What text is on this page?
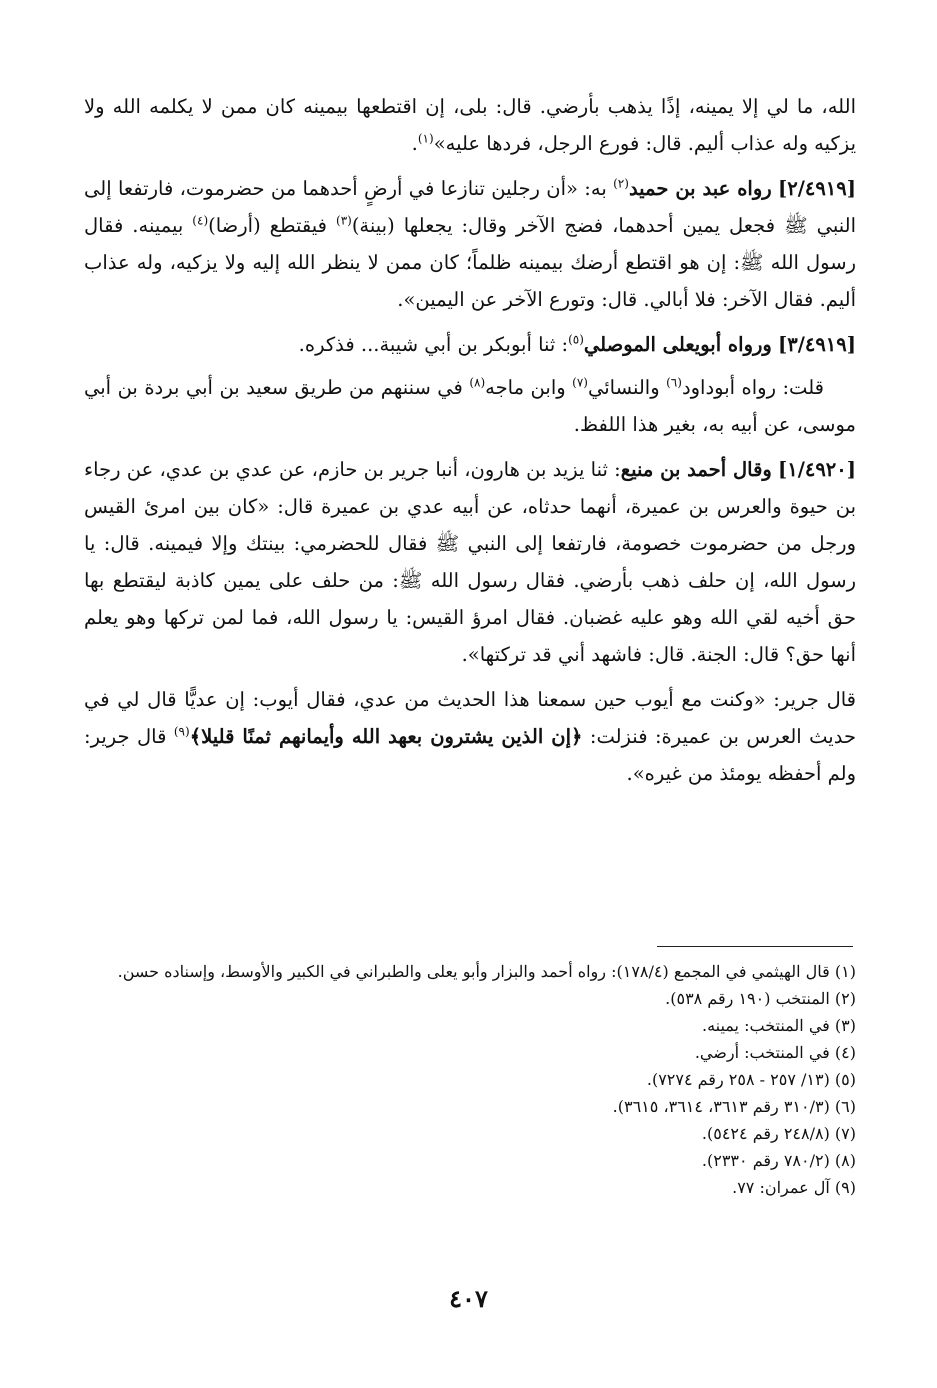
الله، ما لي إلا يمينه، إذًا يذهب بأرضي. قال: بلى، إن اقتطعها بيمينه كان ممن لا يكلمه الله ولا يزكيه وله عذاب أليم. قال: فورع الرجل، فردها عليه»$^{(١)}$.

[٢/٤٩١٩] رواه عبد بن حميد$^{(٢)}$ به: «أن رجلين تنازعا في أرضٍ أحدهما من حضرموت، فارتفعا إلى النبي ﷺ فجعل يمين أحدهما، فضج الآخر وقال: يجعلها (بينة)$^{(٣)}$ فيقتطع (أرضا)$^{(٤)}$ بيمينه. فقال رسول الله ﷺ: إن هو اقتطع أرضك بيمينه ظلماً؛ كان ممن لا ينظر الله إليه ولا يزكيه، وله عذاب أليم. فقال الآخر: فلا أبالي. قال: وتورع الآخر عن اليمين».

[٣/٤٩١٩] ورواه أبويعلى الموصلي$^{(٥)}$: ثنا أبوبكر بن أبي شيبة... فذكره.

قلت: رواه أبوداود$^{(٦)}$ والنسائي$^{(٧)}$ وابن ماجه$^{(٨)}$ في سننهم من طريق سعيد بن أبي بردة بن أبي موسى، عن أبيه به، بغير هذا اللفظ.

[١/٤٩٢٠] وقال أحمد بن منيع: ثنا يزيد بن هارون، أنبا جرير بن حازم، عن عدي بن عدي، عن رجاء بن حيوة والعرس بن عميرة، أنهما حدثاه، عن أبيه عدي بن عميرة قال: «كان بين امرئ القيس ورجل من حضرموت خصومة، فارتفعا إلى النبي ﷺ فقال للحضرمي: بينتك وإلا فيمينه. قال: يا رسول الله، إن حلف ذهب بأرضي. فقال رسول الله ﷺ: من حلف على يمين كاذبة ليقتطع بها حق أخيه لقي الله وهو عليه غضبان. فقال امرؤ القيس: يا رسول الله، فما لمن تركها وهو يعلم أنها حق؟ قال: الجنة. قال: فاشهد أني قد تركتها».

قال جرير: «وكنت مع أيوب حين سمعنا هذا الحديث من عدي، فقال أيوب: إن عديًّا قال لي في حديث العرس بن عميرة: فنزلت: ﴿إن الذين يشترون بعهد الله وأيمانهم ثمنًا قليلا﴾$^{(٩)}$ قال جرير: ولم أحفظه يومئذ من غيره».

(١) قال الهيثمي في المجمع (١٧٨/٤): رواه أحمد والبزار وأبو يعلى والطبراني في الكبير والأوسط، وإسناده حسن.

(٢) المنتخب (١٩٠ رقم ٥٣٨).

(٣) في المنتخب: يمينه.

(٤) في المنتخب: أرضي.

(٥) (١٣/ ٢٥٧ - ٢٥٨ رقم ٧٢٧٤).

(٦) (٣١٠/٣ رقم ٣٦١٣، ٣٦١٤، ٣٦١٥).

(٧) (٢٤٨/٨ رقم ٥٤٢٤).

(٨) (٧٨٠/٢ رقم ٢٣٣٠).

(٩) آل عمران: ٧٧.

٤٠٧
